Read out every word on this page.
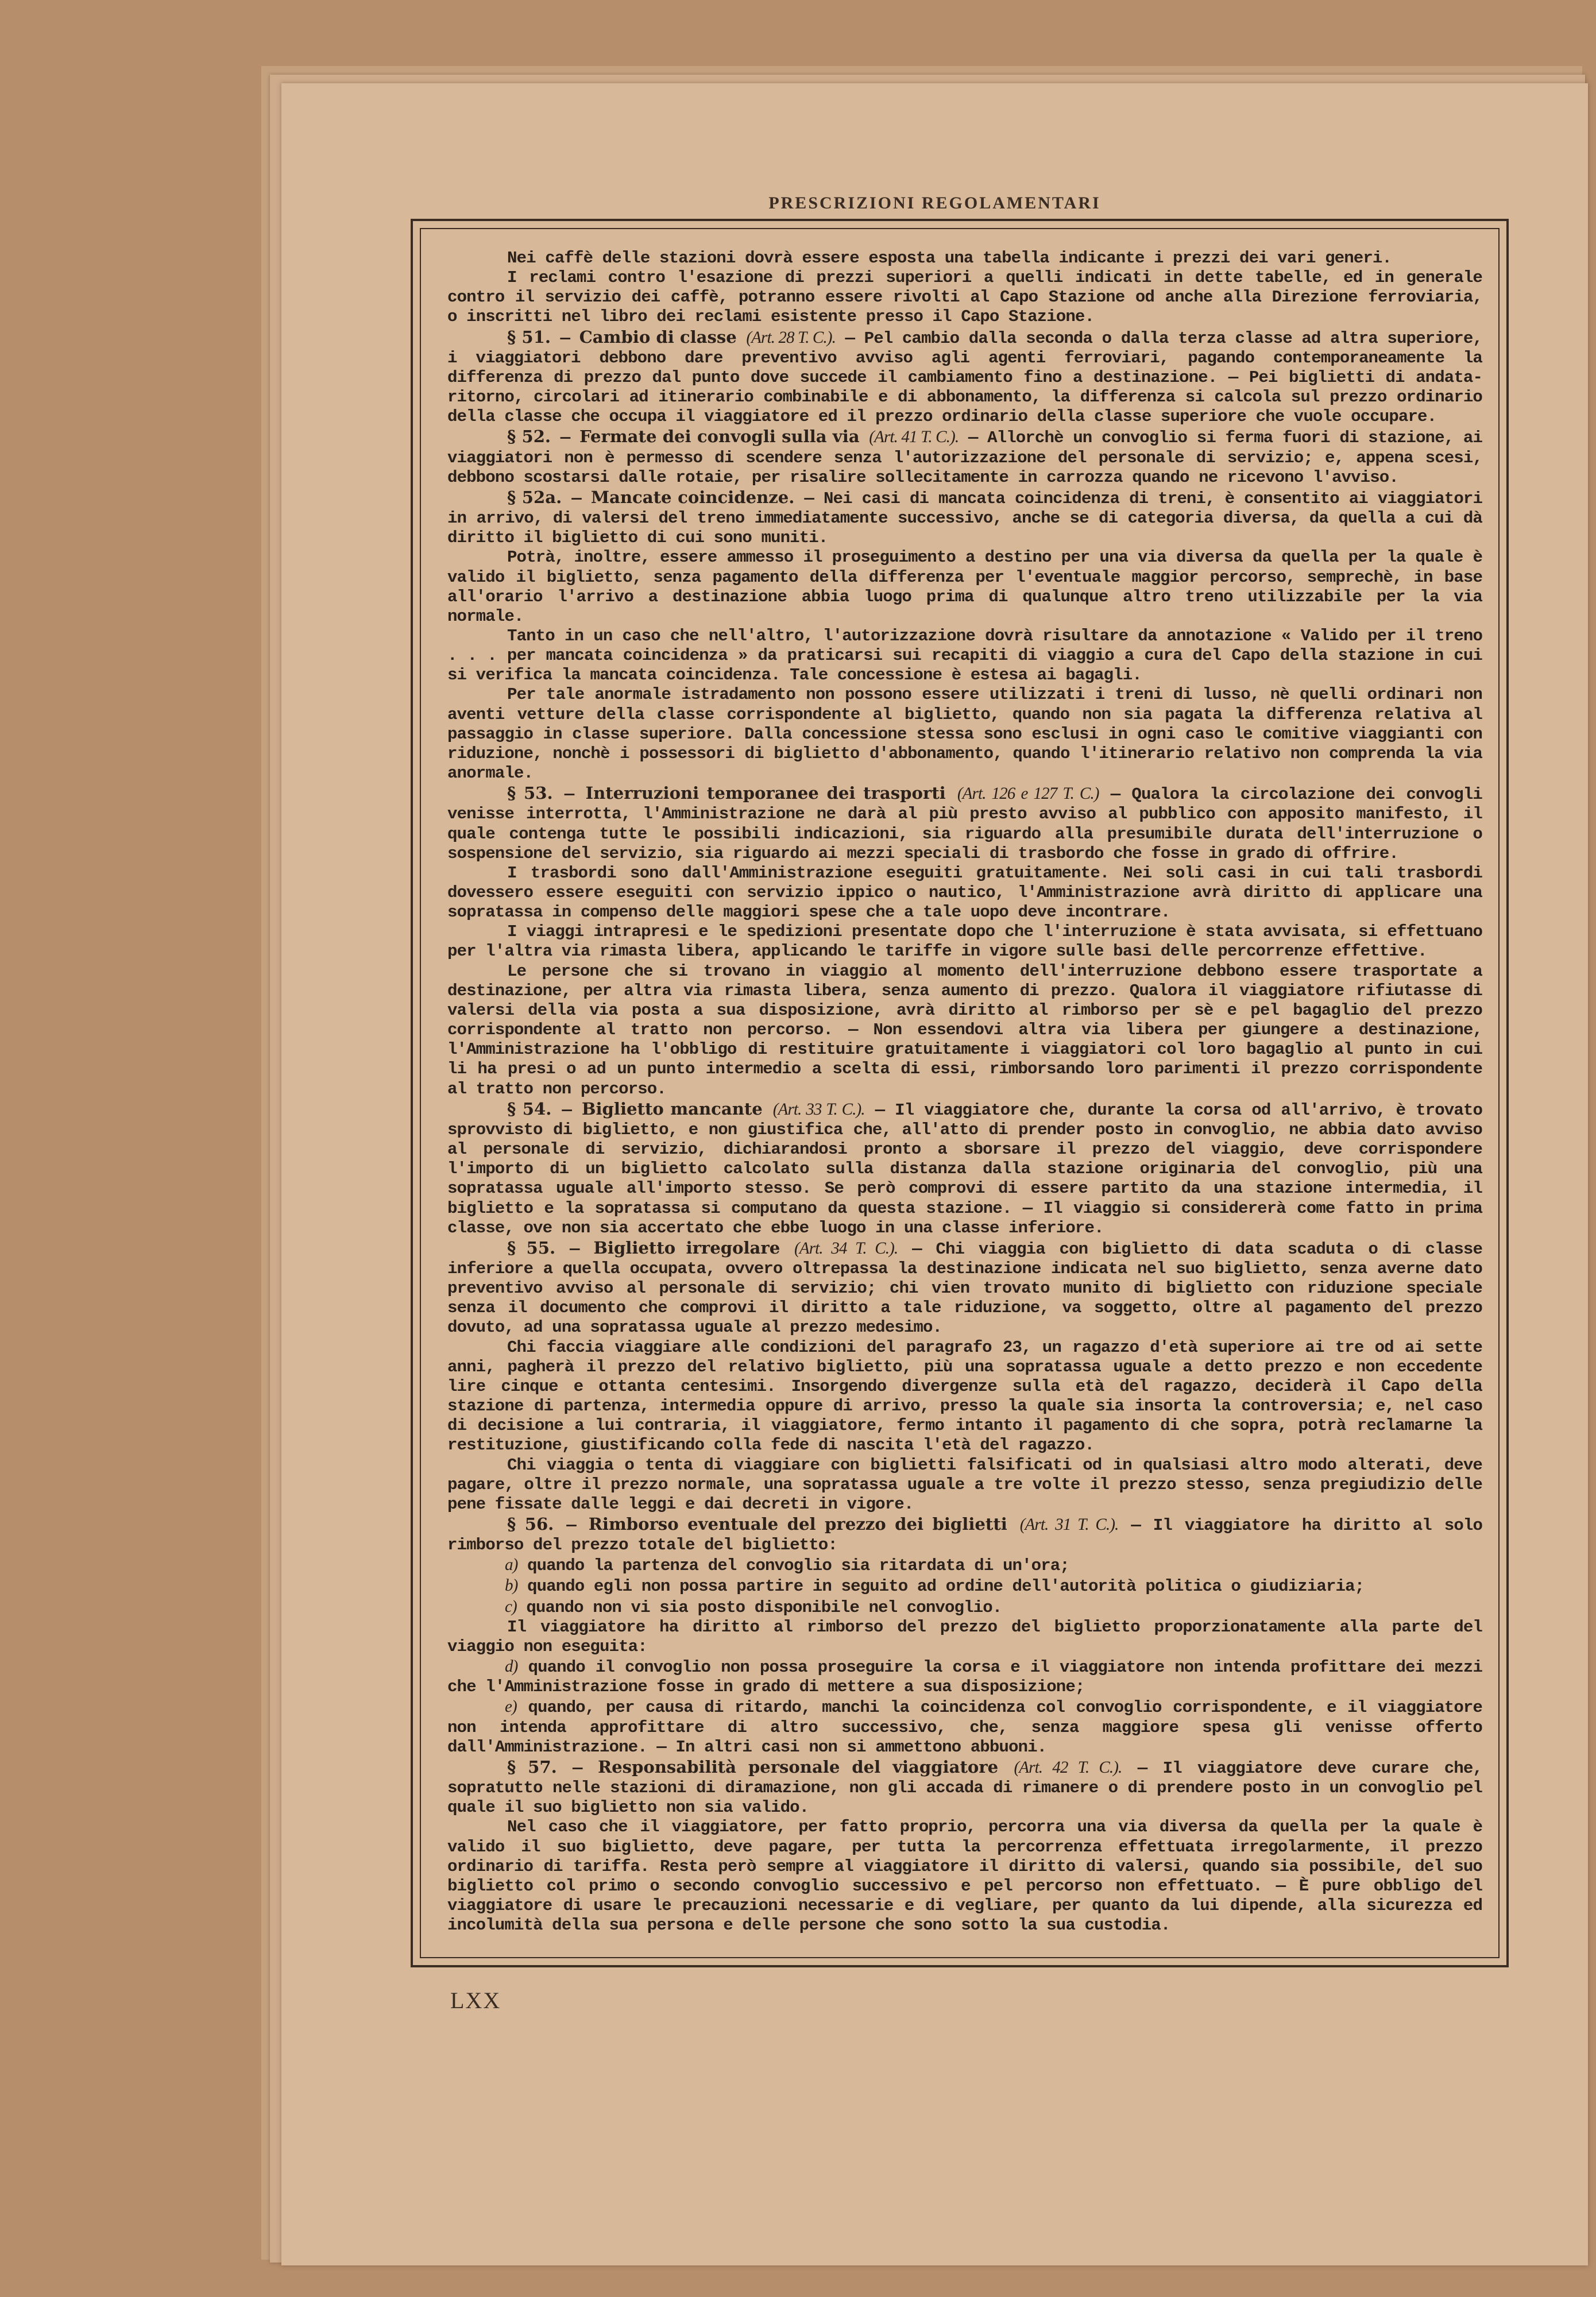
PRESCRIZIONI REGOLAMENTARI

Nei caffè delle stazioni dovrà essere esposta una tabella indicante i prezzi dei vari generi.

I reclami contro l'esazione di prezzi superiori a quelli indicati in dette tabelle, ed in generale contro il servizio dei caffè, potranno essere rivolti al Capo Stazione od anche alla Direzione ferroviaria, o inscritti nel libro dei reclami esistente presso il Capo Stazione.

§ 51. — Cambio di classe (Art. 28 T. C.). — Pel cambio dalla seconda o dalla terza classe ad altra superiore, i viaggiatori debbono dare preventivo avviso agli agenti ferroviari, pagando contemporaneamente la differenza di prezzo dal punto dove succede il cambiamento fino a destinazione. — Pei biglietti di andata-ritorno, circolari ad itinerario combinabile e di abbonamento, la differenza si calcola sul prezzo ordinario della classe che occupa il viaggiatore ed il prezzo ordinario della classe superiore che vuole occupare.

§ 52. — Fermate dei convogli sulla via (Art. 41 T. C.). — Allorchè un convoglio si ferma fuori di stazione, ai viaggiatori non è permesso di scendere senza l'autorizzazione del personale di servizio; e, appena scesi, debbono scostarsi dalle rotaie, per risalire sollecitamente in carrozza quando ne ricevono l'avviso.

§ 52a. — Mancate coincidenze. — Nei casi di mancata coincidenza di treni, è consentito ai viaggiatori in arrivo, di valersi del treno immediatamente successivo, anche se di categoria diversa, da quella a cui dà diritto il biglietto di cui sono muniti.

Potrà, inoltre, essere ammesso il proseguimento a destino per una via diversa da quella per la quale è valido il biglietto, senza pagamento della differenza per l'eventuale maggior percorso, semprechè, in base all'orario l'arrivo a destinazione abbia luogo prima di qualunque altro treno utilizzabile per la via normale.

Tanto in un caso che nell'altro, l'autorizzazione dovrà risultare da annotazione « Valido per il treno . . . per mancata coincidenza » da praticarsi sui recapiti di viaggio a cura del Capo della stazione in cui si verifica la mancata coincidenza. Tale concessione è estesa ai bagagli.

Per tale anormale istradamento non possono essere utilizzati i treni di lusso, nè quelli ordinari non aventi vetture della classe corrispondente al biglietto, quando non sia pagata la differenza relativa al passaggio in classe superiore. Dalla concessione stessa sono esclusi in ogni caso le comitive viaggianti con riduzione, nonchè i possessori di biglietto d'abbonamento, quando l'itinerario relativo non comprenda la via anormale.

§ 53. — Interruzioni temporanee dei trasporti (Art. 126 e 127 T. C.) — Qualora la circolazione dei convogli venisse interrotta, l'Amministrazione ne darà al più presto avviso al pubblico con apposito manifesto, il quale contenga tutte le possibili indicazioni, sia riguardo alla presumibile durata dell'interruzione o sospensione del servizio, sia riguardo ai mezzi speciali di trasbordo che fosse in grado di offrire.

I trasbordi sono dall'Amministrazione eseguiti gratuitamente. Nei soli casi in cui tali trasbordi dovessero essere eseguiti con servizio ippico o nautico, l'Amministrazione avrà diritto di applicare una sopratassa in compenso delle maggiori spese che a tale uopo deve incontrare.

I viaggi intrapresi e le spedizioni presentate dopo che l'interruzione è stata avvisata, si effettuano per l'altra via rimasta libera, applicando le tariffe in vigore sulle basi delle percorrenze effettive.

Le persone che si trovano in viaggio al momento dell'interruzione debbono essere trasportate a destinazione, per altra via rimasta libera, senza aumento di prezzo. Qualora il viaggiatore rifiutasse di valersi della via posta a sua disposizione, avrà diritto al rimborso per sè e pel bagaglio del prezzo corrispondente al tratto non percorso. — Non essendovi altra via libera per giungere a destinazione, l'Amministrazione ha l'obbligo di restituire gratuitamente i viaggiatori col loro bagaglio al punto in cui li ha presi o ad un punto intermedio a scelta di essi, rimborsando loro parimenti il prezzo corrispondente al tratto non percorso.

§ 54. — Biglietto mancante (Art. 33 T. C.). — Il viaggiatore che, durante la corsa od all'arrivo, è trovato sprovvisto di biglietto, e non giustifica che, all'atto di prender posto in convoglio, ne abbia dato avviso al personale di servizio, dichiarandosi pronto a sborsare il prezzo del viaggio, deve corrispondere l'importo di un biglietto calcolato sulla distanza dalla stazione originaria del convoglio, più una sopratassa uguale all'importo stesso. Se però comprovi di essere partito da una stazione intermedia, il biglietto e la sopratassa si computano da questa stazione. — Il viaggio si considererà come fatto in prima classe, ove non sia accertato che ebbe luogo in una classe inferiore.

§ 55. — Biglietto irregolare (Art. 34 T. C.). — Chi viaggia con biglietto di data scaduta o di classe inferiore a quella occupata, ovvero oltrepassa la destinazione indicata nel suo biglietto, senza averne dato preventivo avviso al personale di servizio; chi vien trovato munito di biglietto con riduzione speciale senza il documento che comprovi il diritto a tale riduzione, va soggetto, oltre al pagamento del prezzo dovuto, ad una sopratassa uguale al prezzo medesimo.

Chi faccia viaggiare alle condizioni del paragrafo 23, un ragazzo d'età superiore ai tre od ai sette anni, pagherà il prezzo del relativo biglietto, più una sopratassa uguale a detto prezzo e non eccedente lire cinque e ottanta centesimi. Insorgendo divergenze sulla età del ragazzo, deciderà il Capo della stazione di partenza, intermedia oppure di arrivo, presso la quale sia insorta la controversia; e, nel caso di decisione a lui contraria, il viaggiatore, fermo intanto il pagamento di che sopra, potrà reclamarne la restituzione, giustificando colla fede di nascita l'età del ragazzo.

Chi viaggia o tenta di viaggiare con biglietti falsificati od in qualsiasi altro modo alterati, deve pagare, oltre il prezzo normale, una sopratassa uguale a tre volte il prezzo stesso, senza pregiudizio delle pene fissate dalle leggi e dai decreti in vigore.

§ 56. — Rimborso eventuale del prezzo dei biglietti (Art. 31 T. C.). — Il viaggiatore ha diritto al solo rimborso del prezzo totale del biglietto:

a) quando la partenza del convoglio sia ritardata di un'ora;

b) quando egli non possa partire in seguito ad ordine dell'autorità politica o giudiziaria;

c) quando non vi sia posto disponibile nel convoglio.

Il viaggiatore ha diritto al rimborso del prezzo del biglietto proporzionatamente alla parte del viaggio non eseguita:

d) quando il convoglio non possa proseguire la corsa e il viaggiatore non intenda profittare dei mezzi che l'Amministrazione fosse in grado di mettere a sua disposizione;

e) quando, per causa di ritardo, manchi la coincidenza col convoglio corrispondente, e il viaggiatore non intenda approfittare di altro successivo, che, senza maggiore spesa gli venisse offerto dall'Amministrazione. — In altri casi non si ammettono abbuoni.

§ 57. — Responsabilità personale del viaggiatore (Art. 42 T. C.). — Il viaggiatore deve curare che, sopratutto nelle stazioni di diramazione, non gli accada di rimanere o di prendere posto in un convoglio pel quale il suo biglietto non sia valido.

Nel caso che il viaggiatore, per fatto proprio, percorra una via diversa da quella per la quale è valido il suo biglietto, deve pagare, per tutta la percorrenza effettuata irregolarmente, il prezzo ordinario di tariffa. Resta però sempre al viaggiatore il diritto di valersi, quando sia possibile, del suo biglietto col primo o secondo convoglio successivo e pel percorso non effettuato. — È pure obbligo del viaggiatore di usare le precauzioni necessarie e di vegliare, per quanto da lui dipende, alla sicurezza ed incolumità della sua persona e delle persone che sono sotto la sua custodia.

LXX
